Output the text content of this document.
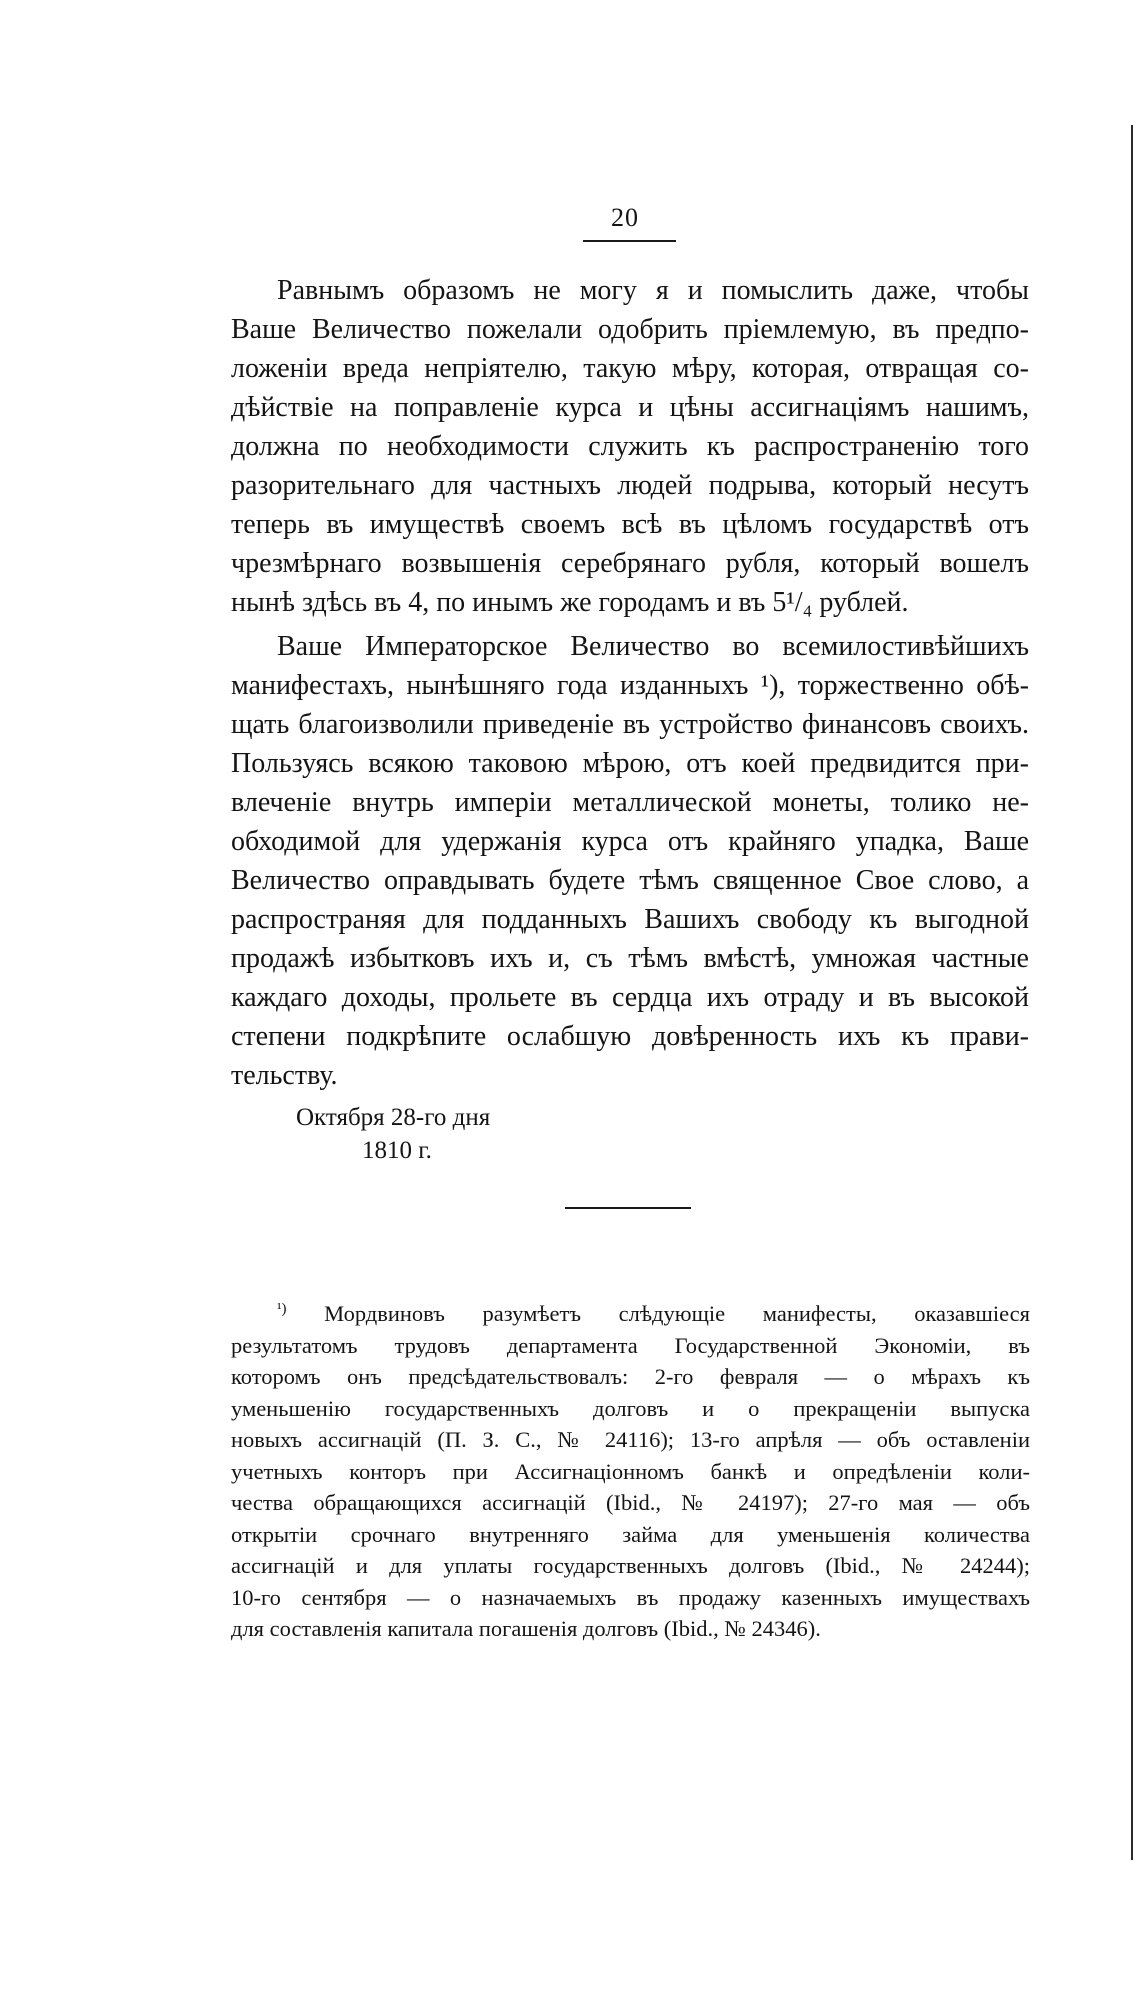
20
Равнымъ образомъ не могу я и помыслить даже, чтобы
Ваше Величество пожелали одобрить пріемлемую, въ предпо-
ложеніи вреда непріятелю, такую мѣру, которая, отвращая со-
дѣйствіе на поправленіе курса и цѣны ассигнаціямъ нашимъ,
должна по необходимости служить къ распространенію того
разорительнаго для частныхъ людей подрыва, который несутъ
теперь въ имуществѣ своемъ всѣ въ цѣломъ государствѣ отъ
чрезмѣрнаго возвышенія серебрянаго рубля, который вошелъ
нынѣ здѣсь въ 4, по инымъ же городамъ и въ 5¹/₄ рублей.
Ваше Императорское Величество во всемилостивѣйшихъ
манифестахъ, нынѣшняго года изданныхъ ¹), торжественно обѣ-
щать благоизволили приведеніе въ устройство финансовъ своихъ.
Пользуясь всякою таковою мѣрою, отъ коей предвидится при-
влеченіе внутрь имперіи металлической монеты, толико не-
обходимой для удержанія курса отъ крайняго упадка, Ваше
Величество оправдывать будете тѣмъ священное Свое слово, а
распространяя для подданныхъ Вашихъ свободу къ выгодной
продажѣ избытковъ ихъ и, съ тѣмъ вмѣстѣ, умножая частные
каждаго доходы, прольете въ сердца ихъ отраду и въ высокой
степени подкрѣпите ослабшую довѣренность ихъ къ прави-
тельству.
Октября 28-го дня
1810 г.
$^{^1)}$ Мордвиновъ разумѣетъ слѣдующіе манифесты, оказавшіеся
результатомъ трудовъ департамента Государственной Экономіи, въ
которомъ онъ предсѣдательствовалъ: 2-го февраля — о мѣрахъ къ
уменьшенію государственныхъ долговъ и о прекращеніи выпуска
новыхъ ассигнацій (П. З. С., № 24116); 13-го апрѣля — объ оставленіи
учетныхъ конторъ при Ассигнаціонномъ банкѣ и опредѣленіи коли-
чества обращающихся ассигнацій (Ibid., № 24197); 27-го мая — объ
открытіи срочнаго внутренняго займа для уменьшенія количества
ассигнацій и для уплаты государственныхъ долговъ (Ibid., № 24244);
10-го сентября — о назначаемыхъ въ продажу казенныхъ имуществахъ
для составленія капитала погашенія долговъ (Ibid., № 24346).
